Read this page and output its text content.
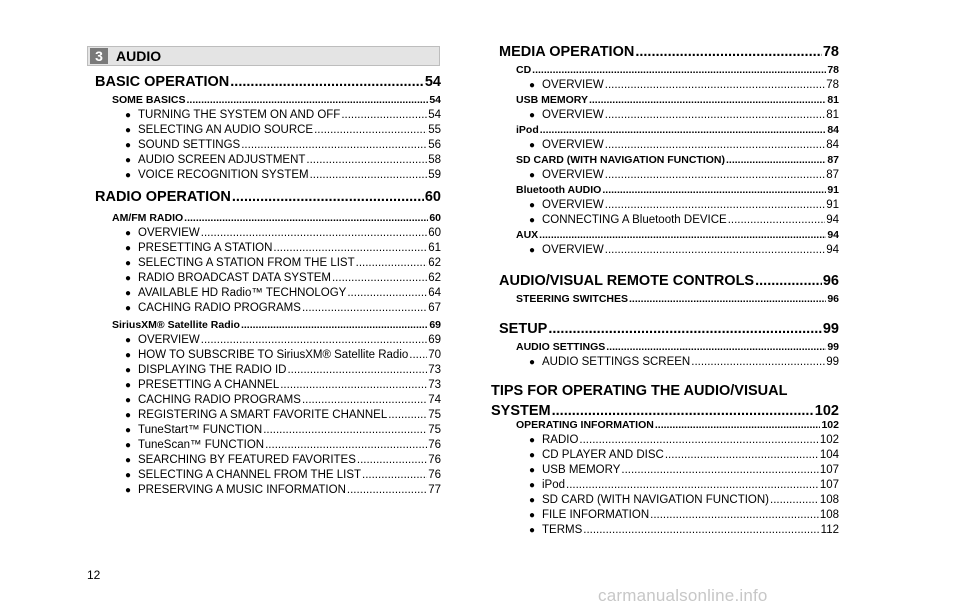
3 AUDIO
BASIC OPERATION .....	54
SOME BASICS .....	54
● TURNING THE SYSTEM ON AND OFF .....	54
● SELECTING AN AUDIO SOURCE .....	55
● SOUND SETTINGS .....	56
● AUDIO SCREEN ADJUSTMENT .....	58
● VOICE RECOGNITION SYSTEM .....	59
RADIO OPERATION .....	60
AM/FM RADIO .....	60
● OVERVIEW .....	60
● PRESETTING A STATION .....	61
● SELECTING A STATION FROM THE LIST .....	62
● RADIO BROADCAST DATA SYSTEM .....	62
● AVAILABLE HD Radio™ TECHNOLOGY .....	64
● CACHING RADIO PROGRAMS .....	67
SiriusXM® Satellite Radio .....	69
● OVERVIEW .....	69
● HOW TO SUBSCRIBE TO SiriusXM® Satellite Radio ..... 70
● DISPLAYING THE RADIO ID .....	73
● PRESETTING A CHANNEL .....	73
● CACHING RADIO PROGRAMS .....	74
● REGISTERING A SMART FAVORITE CHANNEL .....	75
● TuneStart™ FUNCTION .....	75
● TuneScan™ FUNCTION .....	76
● SEARCHING BY FEATURED FAVORITES .....	76
● SELECTING A CHANNEL FROM THE LIST .....	76
● PRESERVING A MUSIC INFORMATION .....	77
MEDIA OPERATION .....	78
CD .....	78
● OVERVIEW .....	78
USB MEMORY .....	81
● OVERVIEW .....	81
iPod .....	84
● OVERVIEW .....	84
SD CARD (WITH NAVIGATION FUNCTION) .....	87
● OVERVIEW .....	87
Bluetooth AUDIO .....	91
● OVERVIEW .....	91
● CONNECTING A Bluetooth DEVICE .....	94
AUX .....	94
● OVERVIEW .....	94
AUDIO/VISUAL REMOTE CONTROLS .....	96
STEERING SWITCHES .....	96
SETUP .....	99
AUDIO SETTINGS .....	99
● AUDIO SETTINGS SCREEN .....	99
TIPS FOR OPERATING THE AUDIO/VISUAL
SYSTEM .....	102
OPERATING INFORMATION .....	102
● RADIO .....	102
● CD PLAYER AND DISC .....	104
● USB MEMORY .....	107
● iPod .....	107
● SD CARD (WITH NAVIGATION FUNCTION) .....	108
● FILE INFORMATION .....	108
● TERMS .....	112
12
carmanualsonline.info
